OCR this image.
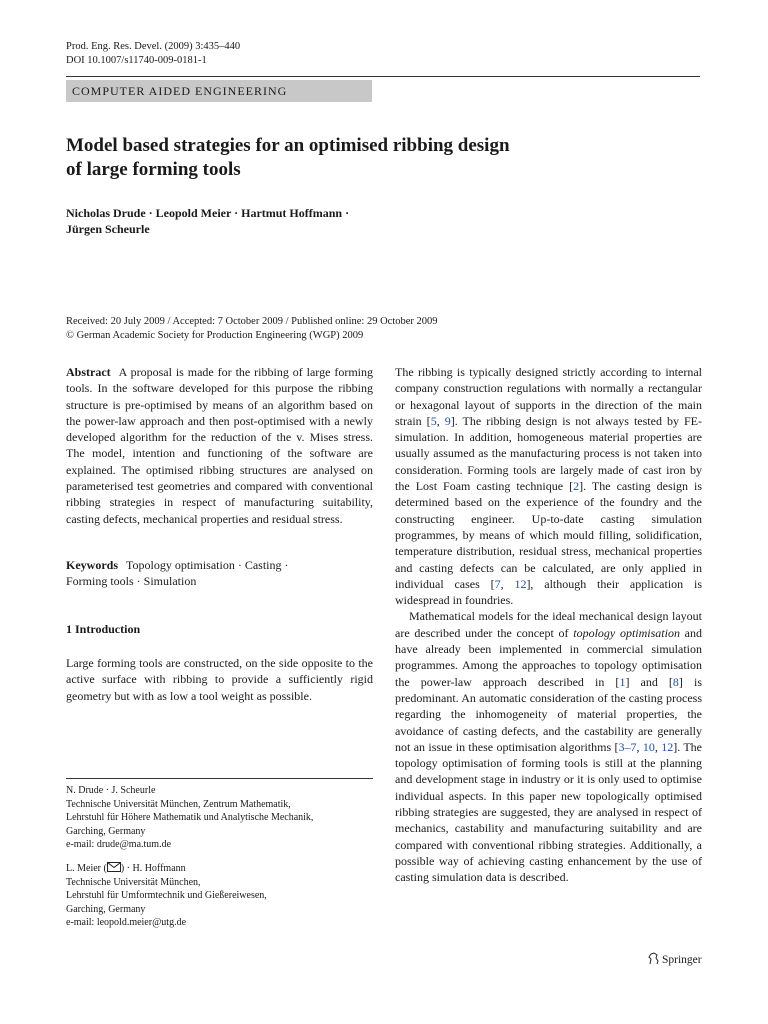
Prod. Eng. Res. Devel. (2009) 3:435–440
DOI 10.1007/s11740-009-0181-1
COMPUTER AIDED ENGINEERING
Model based strategies for an optimised ribbing design
of large forming tools
Nicholas Drude · Leopold Meier · Hartmut Hoffmann ·
Jürgen Scheurle
Received: 20 July 2009 / Accepted: 7 October 2009 / Published online: 29 October 2009
© German Academic Society for Production Engineering (WGP) 2009
Abstract A proposal is made for the ribbing of large forming tools. In the software developed for this purpose the ribbing structure is pre-optimised by means of an algorithm based on the power-law approach and then post-optimised with a newly developed algorithm for the reduction of the v. Mises stress. The model, intention and functioning of the software are explained. The optimised ribbing structures are analysed on parameterised test geometries and compared with conventional ribbing strategies in respect of manufacturing suitability, casting defects, mechanical properties and residual stress.
Keywords Topology optimisation · Casting ·
Forming tools · Simulation
1 Introduction
Large forming tools are constructed, on the side opposite to the active surface with ribbing to provide a sufficiently rigid geometry but with as low a tool weight as possible.
N. Drude · J. Scheurle
Technische Universität München, Zentrum Mathematik,
Lehrstuhl für Höhere Mathematik und Analytische Mechanik,
Garching, Germany
e-mail: drude@ma.tum.de
L. Meier ( ) · H. Hoffmann
Technische Universität München,
Lehrstuhl für Umformtechnik und Gießereiwesen,
Garching, Germany
e-mail: leopold.meier@utg.de
The ribbing is typically designed strictly according to internal company construction regulations with normally a rectangular or hexagonal layout of supports in the direction of the main strain [5, 9]. The ribbing design is not always tested by FE-simulation. In addition, homogeneous material properties are usually assumed as the manufacturing process is not taken into consideration. Forming tools are largely made of cast iron by the Lost Foam casting technique [2]. The casting design is determined based on the experience of the foundry and the constructing engineer. Up-to-date casting simulation programmes, by means of which mould filling, solidification, temperature distribution, residual stress, mechanical properties and casting defects can be calculated, are only applied in individual cases [7, 12], although their application is widespread in foundries.
Mathematical models for the ideal mechanical design layout are described under the concept of topology optimisation and have already been implemented in commercial simulation programmes. Among the approaches to topology optimisation the power-law approach described in [1] and [8] is predominant. An automatic consideration of the casting process regarding the inhomogeneity of material properties, the avoidance of casting defects, and the castability are generally not an issue in these optimisation algorithms [3–7, 10, 12]. The topology optimisation of forming tools is still at the planning and development stage in industry or it is only used to optimise individual aspects. In this paper new topologically optimised ribbing strategies are suggested, they are analysed in respect of mechanics, castability and manufacturing suitability and are compared with conventional ribbing strategies. Additionally, a possible way of achieving casting enhancement by the use of casting simulation data is described.
Springer
